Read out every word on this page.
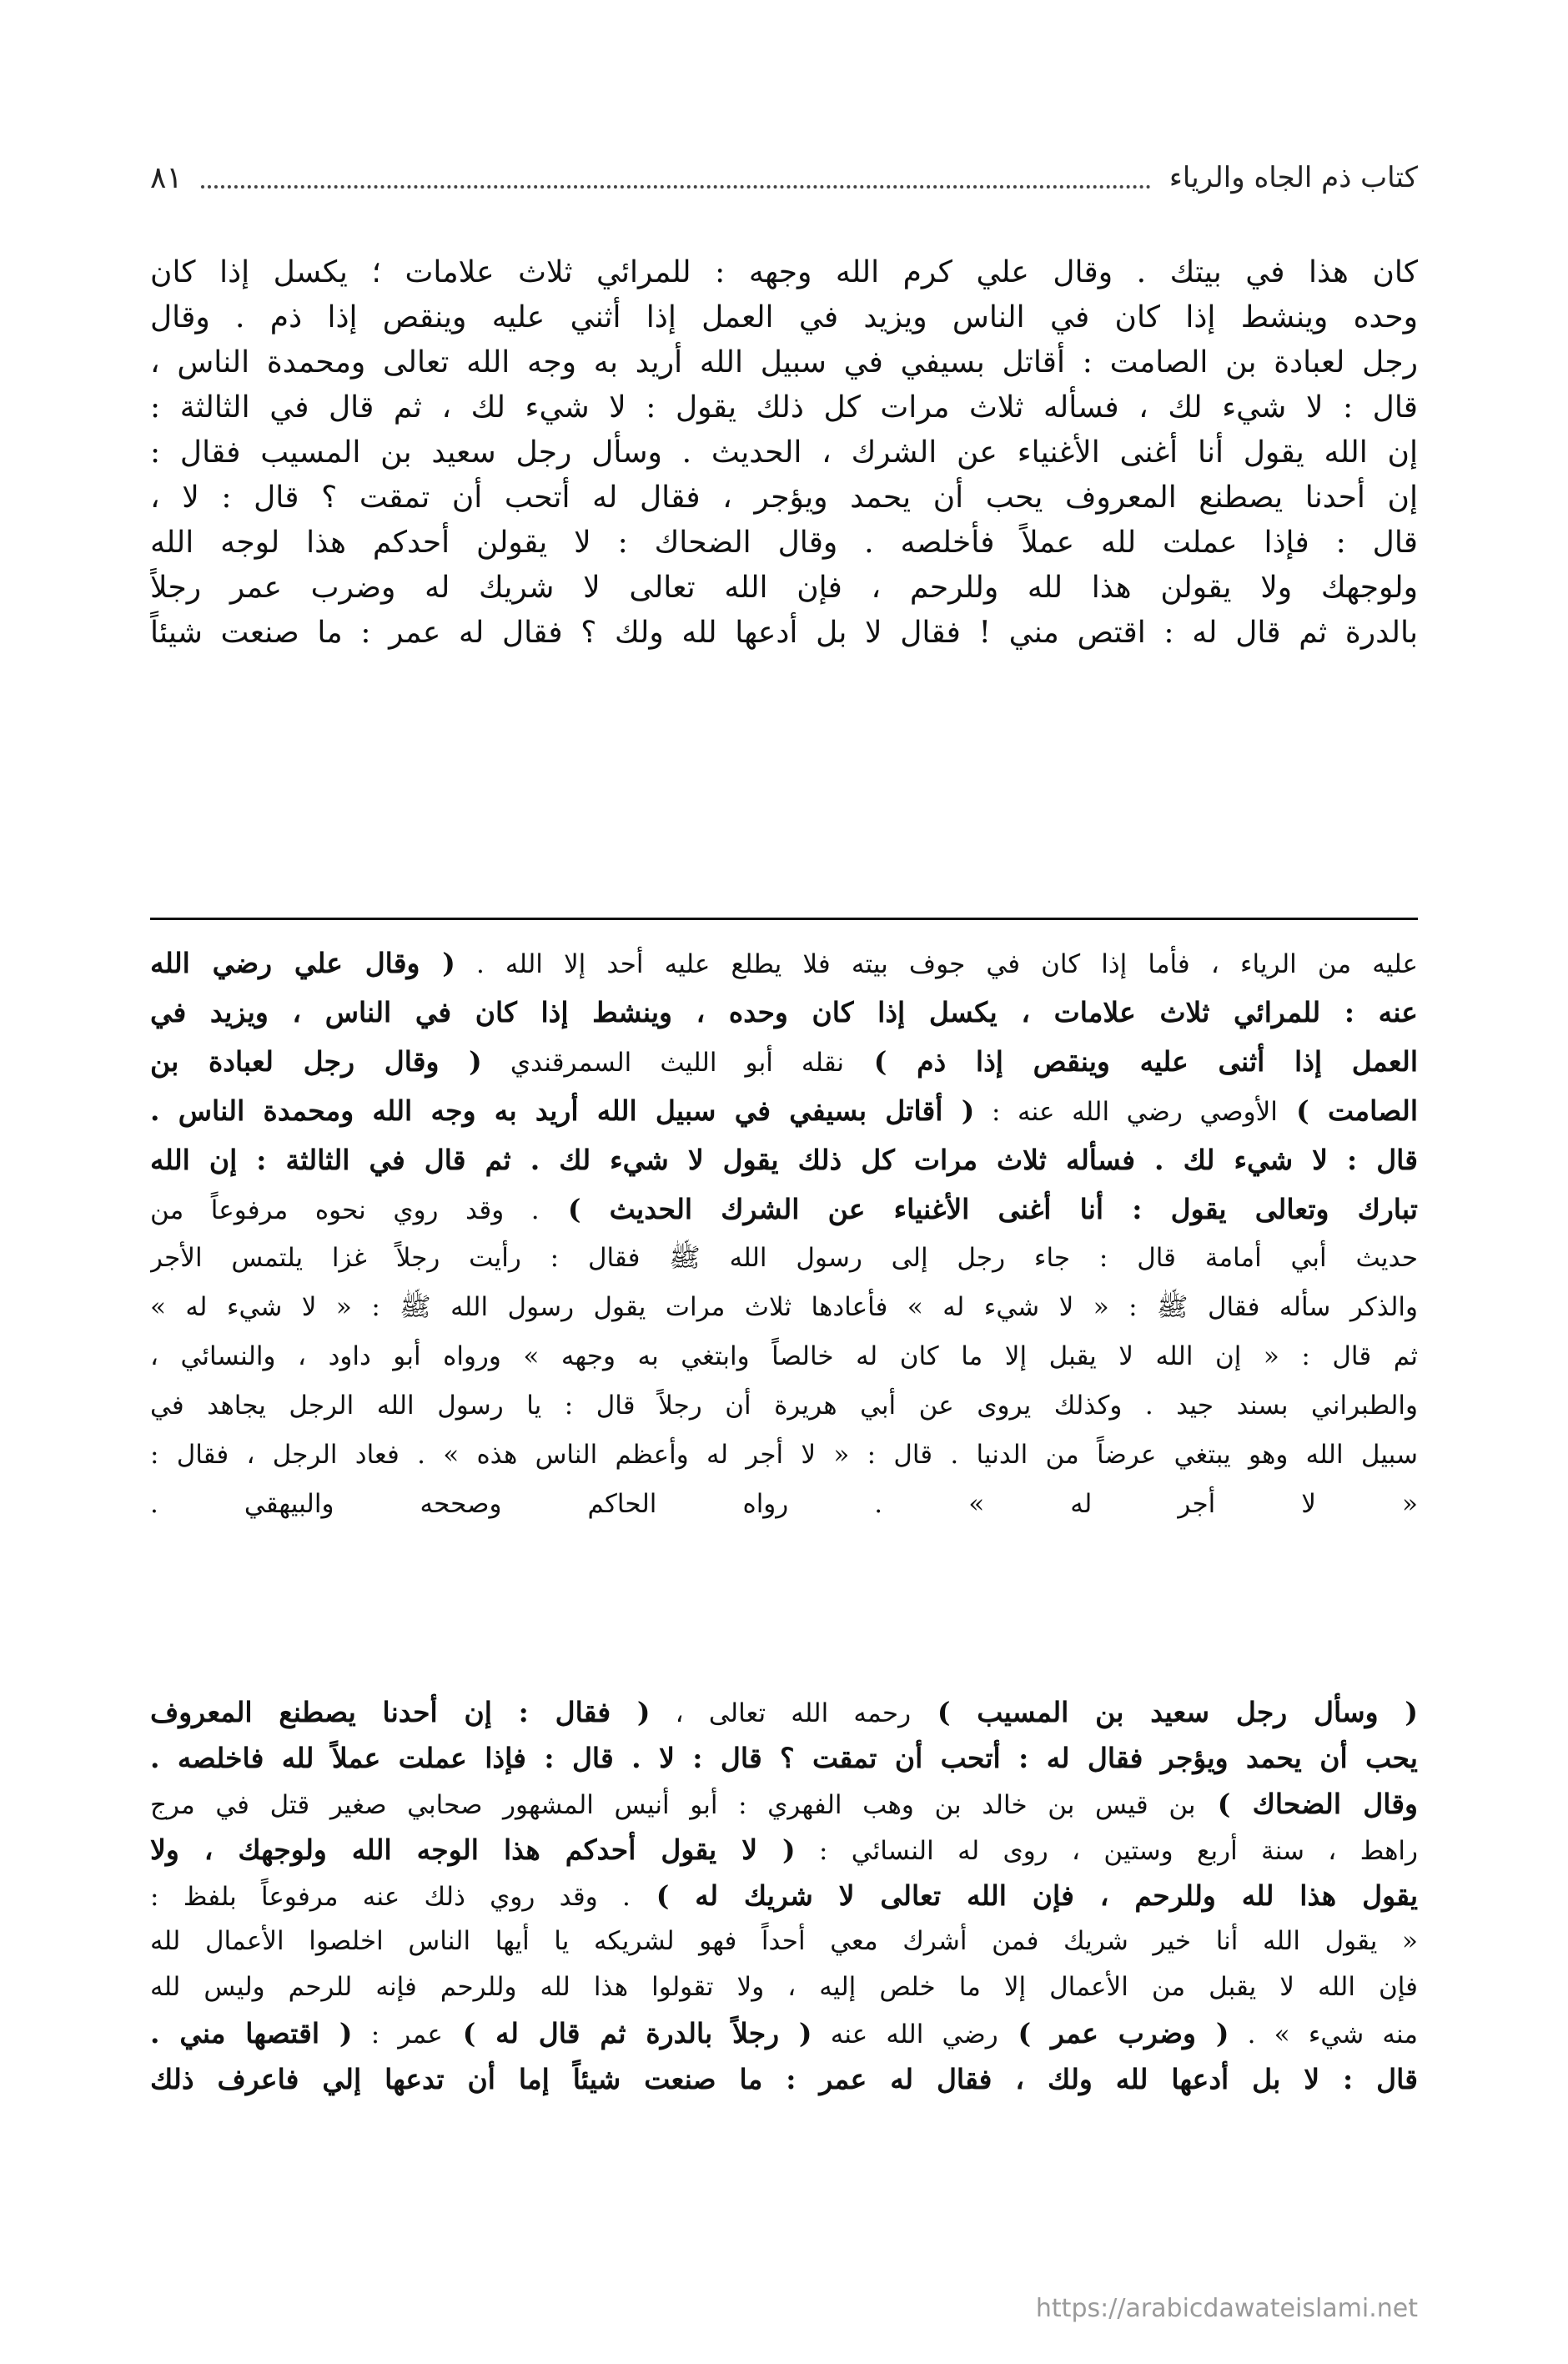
كتاب ذم الجاه والرياء
٨١
كان هذا في بيتك . وقال علي كرم الله وجهه : للمرائي ثلاث علامات ؛ يكسل إذا كان
وحده وينشط إذا كان في الناس ويزيد في العمل إذا أثني عليه وينقص إذا ذم . وقال
رجل لعبادة بن الصامت : أقاتل بسيفي في سبيل الله أريد به وجه الله تعالى ومحمدة الناس ،
قال : لا شيء لك ، فسأله ثلاث مرات كل ذلك يقول : لا شيء لك ، ثم قال في الثالثة :
إن الله يقول أنا أغنى الأغنياء عن الشرك ، الحديث . وسأل رجل سعيد بن المسيب فقال :
إن أحدنا يصطنع المعروف يحب أن يحمد ويؤجر ، فقال له أتحب أن تمقت ؟ قال : لا ،
قال : فإذا عملت لله عملاً فأخلصه . وقال الضحاك : لا يقولن أحدكم هذا لوجه الله
ولوجهك ولا يقولن هذا لله وللرحم ، فإن الله تعالى لا شريك له وضرب عمر رجلاً
بالدرة ثم قال له : اقتص مني ! فقال لا بل أدعها لله ولك ؟ فقال له عمر : ما صنعت شيئاً
عليه من الرياء ، فأما إذا كان في جوف بيته فلا يطلع عليه أحد إلا الله . ( وقال علي رضي الله
عنه : للمرائي ثلاث علامات ، يكسل إذا كان وحده ، وينشط إذا كان في الناس ، ويزيد في
العمل إذا أثنى عليه وينقص إذا ذم ) نقله أبو الليث السمرقندي ( وقال رجل لعبادة بن
الصامت ) الأوصي رضي الله عنه : ( أقاتل بسيفي في سبيل الله أريد به وجه الله ومحمدة الناس .
قال : لا شيء لك . فسأله ثلاث مرات كل ذلك يقول لا شيء لك . ثم قال في الثالثة : إن الله
تبارك وتعالى يقول : أنا أغنى الأغنياء عن الشرك الحديث ) . وقد روي نحوه مرفوعاً من
حديث أبي أمامة قال : جاء رجل إلى رسول الله ﷺ فقال : رأيت رجلاً غزا يلتمس الأجر
والذكر سأله فقال ﷺ : « لا شيء له » فأعادها ثلاث مرات يقول رسول الله ﷺ : « لا شيء له »
ثم قال : « إن الله لا يقبل إلا ما كان له خالصاً وابتغي به وجهه » ورواه أبو داود ، والنسائي ،
والطبراني بسند جيد . وكذلك يروى عن أبي هريرة أن رجلاً قال : يا رسول الله الرجل يجاهد في
سبيل الله وهو يبتغي عرضاً من الدنيا . قال : « لا أجر له وأعظم الناس هذه » . فعاد الرجل ، فقال :
« لا أجر له » . رواه الحاكم وصححه والبيهقي .
( وسأل رجل سعيد بن المسيب ) رحمه الله تعالى ، ( فقال : إن أحدنا يصطنع المعروف
يحب أن يحمد ويؤجر فقال له : أتحب أن تمقت ؟ قال : لا . قال : فإذا عملت عملاً لله فاخلصه .
وقال الضحاك ) بن قيس بن خالد بن وهب الفهري : أبو أنيس المشهور صحابي صغير قتل في مرج
راهط ، سنة أربع وستين ، روى له النسائي : ( لا يقول أحدكم هذا الوجه الله ولوجهك ، ولا
يقول هذا لله وللرحم ، فإن الله تعالى لا شريك له ) . وقد روي ذلك عنه مرفوعاً بلفظ :
« يقول الله أنا خير شريك فمن أشرك معي أحداً فهو لشريكه يا أيها الناس اخلصوا الأعمال لله
فإن الله لا يقبل من الأعمال إلا ما خلص إليه ، ولا تقولوا هذا لله وللرحم فإنه للرحم وليس لله
منه شيء » . ( وضرب عمر ) رضي الله عنه ( رجلاً بالدرة ثم قال له ) عمر : ( اقتصها مني .
قال : لا بل أدعها لله ولك ، فقال له عمر : ما صنعت شيئاً إما أن تدعها إلي فاعرف ذلك
https://arabicdawateislami.net
